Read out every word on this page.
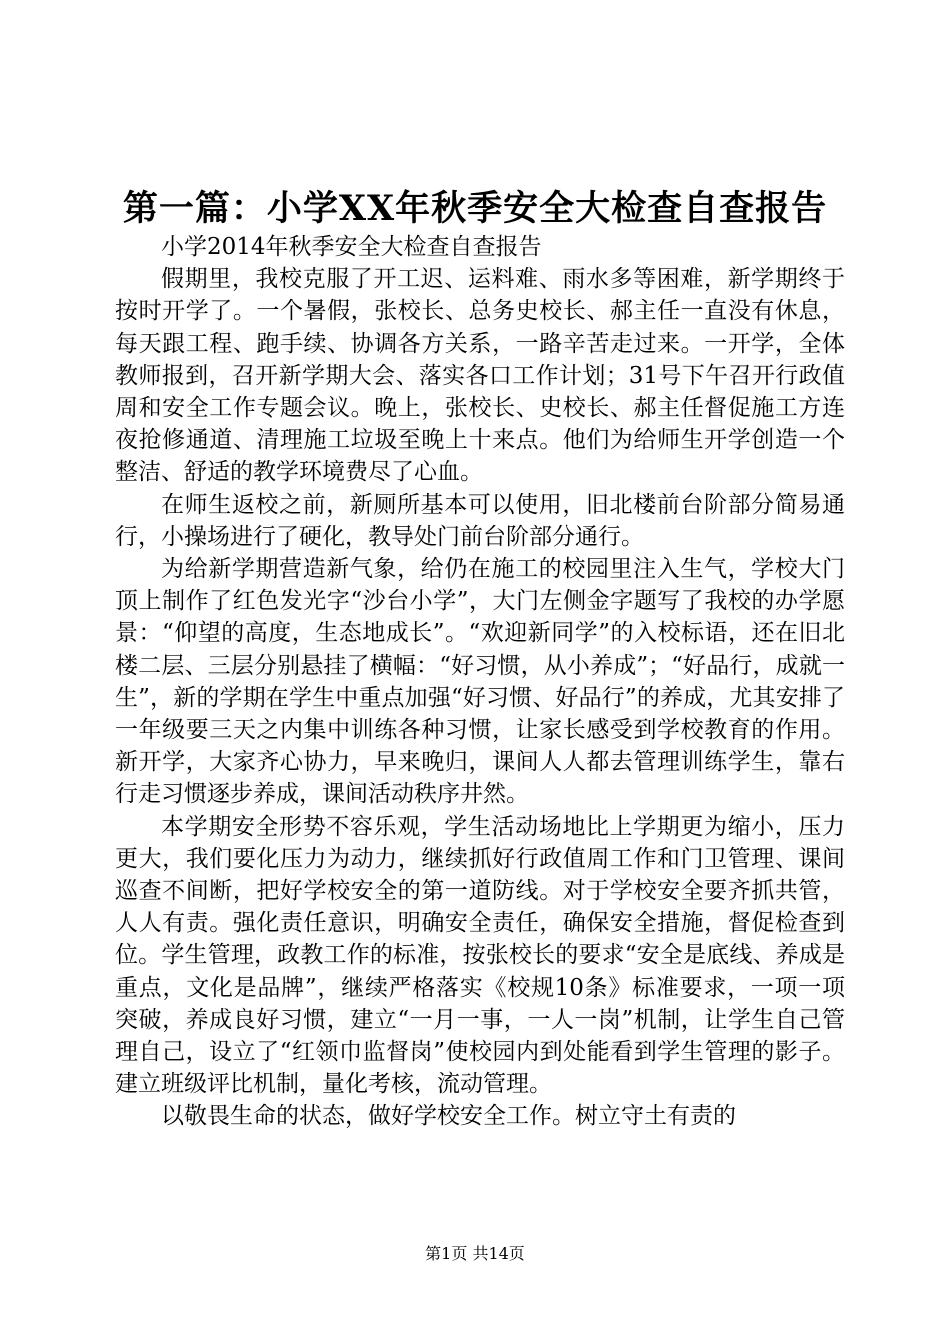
第一篇：小学XX年秋季安全大检查自查报告

小学2014年秋季安全大检查自查报告

假期里，我校克服了开工迟、运料难、雨水多等困难，新学期终于按时开学了。一个暑假，张校长、总务史校长、郝主任一直没有休息，每天跟工程、跑手续、协调各方关系，一路辛苦走过来。一开学，全体教师报到，召开新学期大会、落实各口工作计划；31号下午召开行政值周和安全工作专题会议。晚上，张校长、史校长、郝主任督促施工方连夜抢修通道、清理施工垃圾至晚上十来点。他们为给师生开学创造一个整洁、舒适的教学环境费尽了心血。

在师生返校之前，新厕所基本可以使用，旧北楼前台阶部分简易通行，小操场进行了硬化，教导处门前台阶部分通行。

为给新学期营造新气象，给仍在施工的校园里注入生气，学校大门顶上制作了红色发光字“沙台小学”，大门左侧金字题写了我校的办学愿景：“仰望的高度，生态地成长”。“欢迎新同学”的入校标语，还在旧北楼二层、三层分别悬挂了横幅：“好习惯，从小养成”；“好品行，成就一生”，新的学期在学生中重点加强“好习惯、好品行”的养成，尤其安排了一年级要三天之内集中训练各种习惯，让家长感受到学校教育的作用。新开学，大家齐心协力，早来晚归，课间人人都去管理训练学生，靠右行走习惯逐步养成，课间活动秩序井然。

本学期安全形势不容乐观，学生活动场地比上学期更为缩小，压力更大，我们要化压力为动力，继续抓好行政值周工作和门卫管理、课间巡查不间断，把好学校安全的第一道防线。对于学校安全要齐抓共管，人人有责。强化责任意识，明确安全责任，确保安全措施，督促检查到位。学生管理，政教工作的标准，按张校长的要求“安全是底线、养成是重点，文化是品牌”，继续严格落实《校规10条》标准要求，一项一项突破，养成良好习惯，建立“一月一事，一人一岗”机制，让学生自己管理自己，设立了“红领巾监督岗”使校园内到处能看到学生管理的影子。建立班级评比机制，量化考核，流动管理。

以敬畏生命的状态，做好学校安全工作。树立守土有责的

第1页 共14页
